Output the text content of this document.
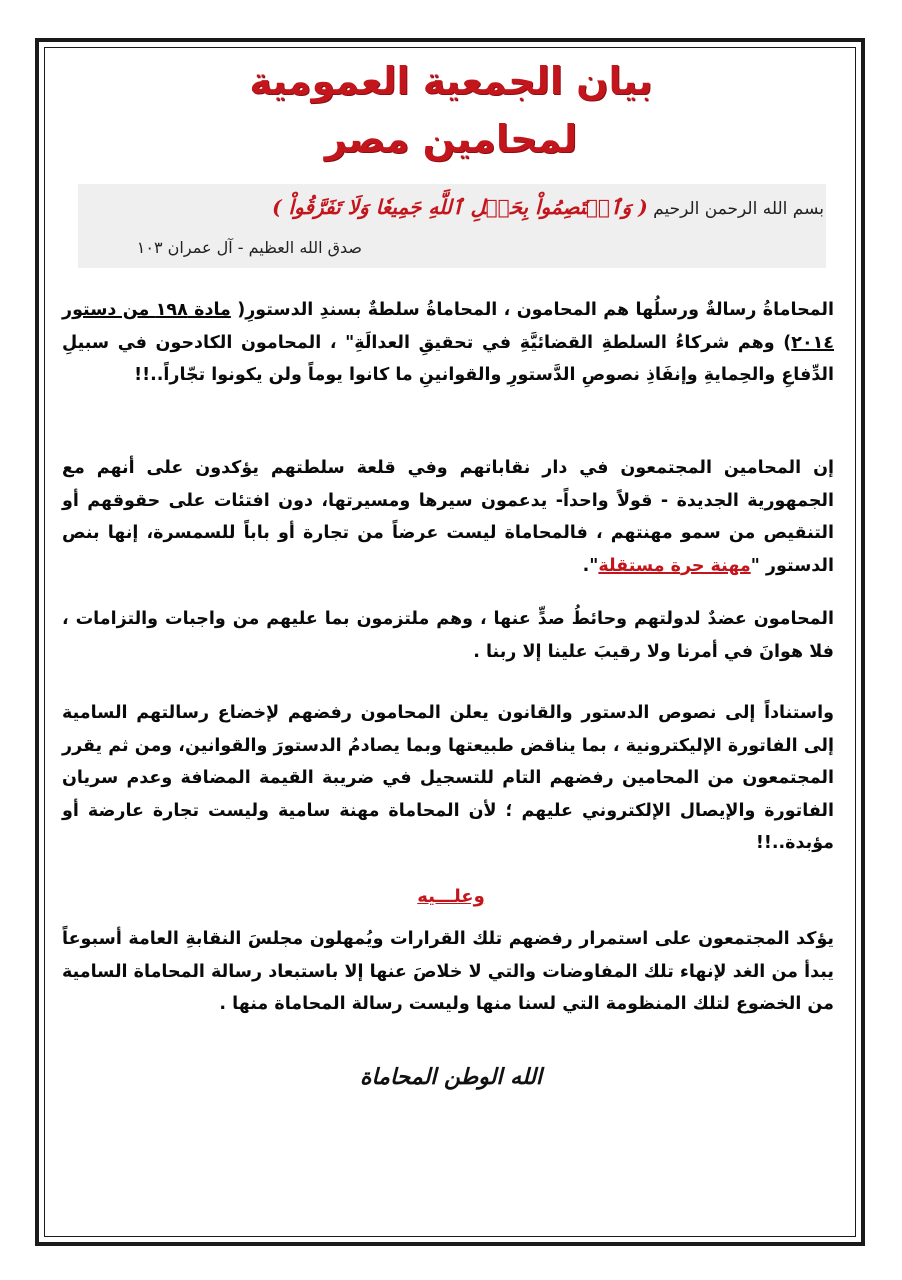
بيان الجمعية العمومية
لمحامين مصر
بسم الله الرحمن الرحيم ( وَٱعۡتَصِمُواْ بِحَبۡلِ ٱللَّهِ جَمِيعٗا وَلَا تَفَرَّقُواْ )
صدق الله العظيم - آل عمران ١٠٣
المحاماةُ رسالةٌ ورسلُها هم المحامون ، المحاماةُ سلطةٌ بسندِ الدستورِ( مادة ١٩٨ من دستور ٢٠١٤) وهم شركاءُ السلطةِ القضائيَّةِ في تحقيقِ العدالَةِ" ، المحامون الكادحون في سبيلِ الدِّفاعِ والحِمايةِ وإنفَاذِ نصوصِ الدَّستورِ والقوانينِ ما كانوا يوماً ولن يكونوا تجّاراً..!!
إن المحامين المجتمعون في دار نقاباتهم وفي قلعة سلطتهم يؤكدون على أنهم مع الجمهورية الجديدة - قولاً واحداً- يدعمون سيرها ومسيرتها، دون افتئات على حقوقهم أو التنقيص من سمو مهنتهم ، فالمحاماة ليست عرضاً من تجارة أو باباً للسمسرة، إنها بنص الدستور "مهنة حرة مستقلة".
المحامون عضدٌ لدولتهم وحائطُ صدٍّ عنها ، وهم ملتزمون بما عليهم من واجبات والتزامات ، فلا هوانَ في أمرنا ولا رقيبَ علينا إلا ربنا .
واستناداً إلى نصوص الدستور والقانون يعلن المحامون رفضهم لإخضاع رسالتهم السامية إلى الفاتورة الإليكترونية ، بما يناقض طبيعتها وبما يصادمُ الدستورَ والقوانين، ومن ثم يقرر المجتمعون من المحامين رفضهم التام للتسجيل في ضريبة القيمة المضافة وعدم سريان الفاتورة والإيصال الإلكتروني عليهم ؛ لأن المحاماة مهنة سامية وليست تجارة عارضة أو مؤبدة..!!
وعلـــيه
يؤكد المجتمعون على استمرار رفضهم تلك القرارات ويُمهلون مجلسَ النقابةِ العامة أسبوعاً يبدأ من الغد لإنهاء تلك المفاوضات والتي لا خلاصَ عنها إلا باستبعاد رسالة المحاماة السامية من الخضوع لتلك المنظومة التي لسنا منها وليست رسالة المحاماة منها .
الله الوطن المحاماة
